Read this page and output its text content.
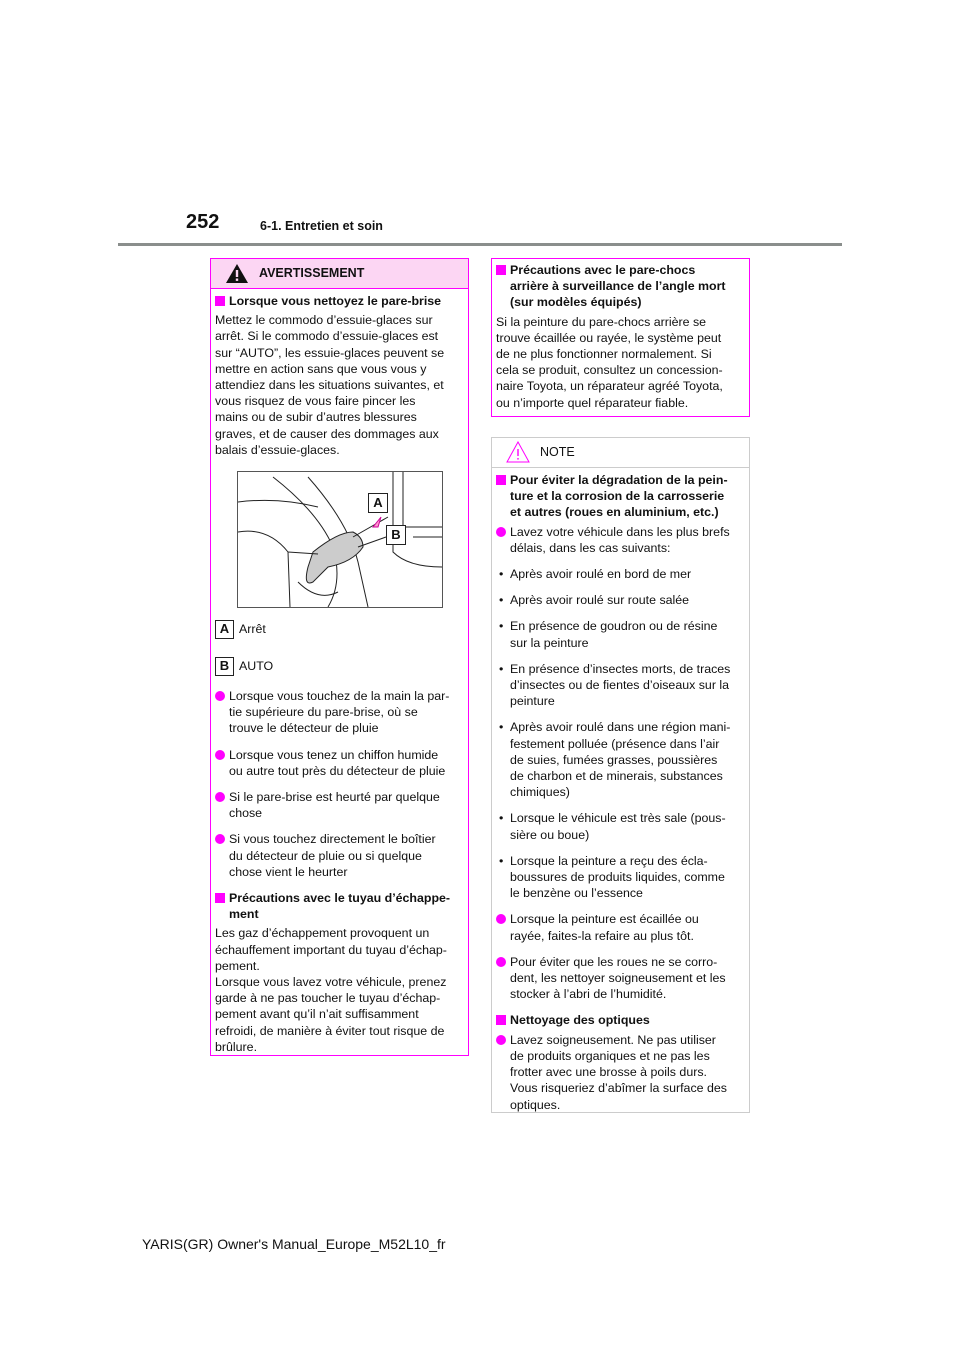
252	6-1. Entretien et soin
AVERTISSEMENT
Lorsque vous nettoyez le pare-brise
Mettez le commodo d’essuie-glaces sur
arrêt. Si le commodo d’essuie-glaces est
sur “AUTO”, les essuie-glaces peuvent se
mettre en action sans que vous vous y
attendiez dans les situations suivantes, et
vous risquez de vous faire pincer les
mains ou de subir d’autres blessures
graves, et de causer des dommages aux
balais d’essuie-glaces.
A
B
A Arrêt
B AUTO
Lorsque vous touchez de la main la par-
tie supérieure du pare-brise, où se
trouve le détecteur de pluie
Lorsque vous tenez un chiffon humide
ou autre tout près du détecteur de pluie
Si le pare-brise est heurté par quelque
chose
Si vous touchez directement le boîtier
du détecteur de pluie ou si quelque
chose vient le heurter
Précautions avec le tuyau d’échappe-
ment
Les gaz d’échappement provoquent un
échauffement important du tuyau d’échap-
pement.
Lorsque vous lavez votre véhicule, prenez
garde à ne pas toucher le tuyau d’échap-
pement avant qu’il n’ait suffisamment
refroidi, de manière à éviter tout risque de
brûlure.
Précautions avec le pare-chocs
arrière à surveillance de l’angle mort
(sur modèles équipés)
Si la peinture du pare-chocs arrière se
trouve écaillée ou rayée, le système peut
de ne plus fonctionner normalement. Si
cela se produit, consultez un concession-
naire Toyota, un réparateur agréé Toyota,
ou n’importe quel réparateur fiable.
NOTE
Pour éviter la dégradation de la pein-
ture et la corrosion de la carrosserie
et autres (roues en aluminium, etc.)
Lavez votre véhicule dans les plus brefs
délais, dans les cas suivants:
• Après avoir roulé en bord de mer
• Après avoir roulé sur route salée
• En présence de goudron ou de résine
sur la peinture
• En présence d’insectes morts, de traces
d’insectes ou de fientes d’oiseaux sur la
peinture
• Après avoir roulé dans une région mani-
festement polluée (présence dans l’air
de suies, fumées grasses, poussières
de charbon et de minerais, substances
chimiques)
• Lorsque le véhicule est très sale (pous-
sière ou boue)
• Lorsque la peinture a reçu des écla-
boussures de produits liquides, comme
le benzène ou l’essence
Lorsque la peinture est écaillée ou
rayée, faites-la refaire au plus tôt.
Pour éviter que les roues ne se corro-
dent, les nettoyer soigneusement et les
stocker à l’abri de l’humidité.
Nettoyage des optiques
Lavez soigneusement. Ne pas utiliser
de produits organiques et ne pas les
frotter avec une brosse à poils durs.
Vous risqueriez d’abîmer la surface des
optiques.
YARIS(GR) Owner's Manual_Europe_M52L10_fr
